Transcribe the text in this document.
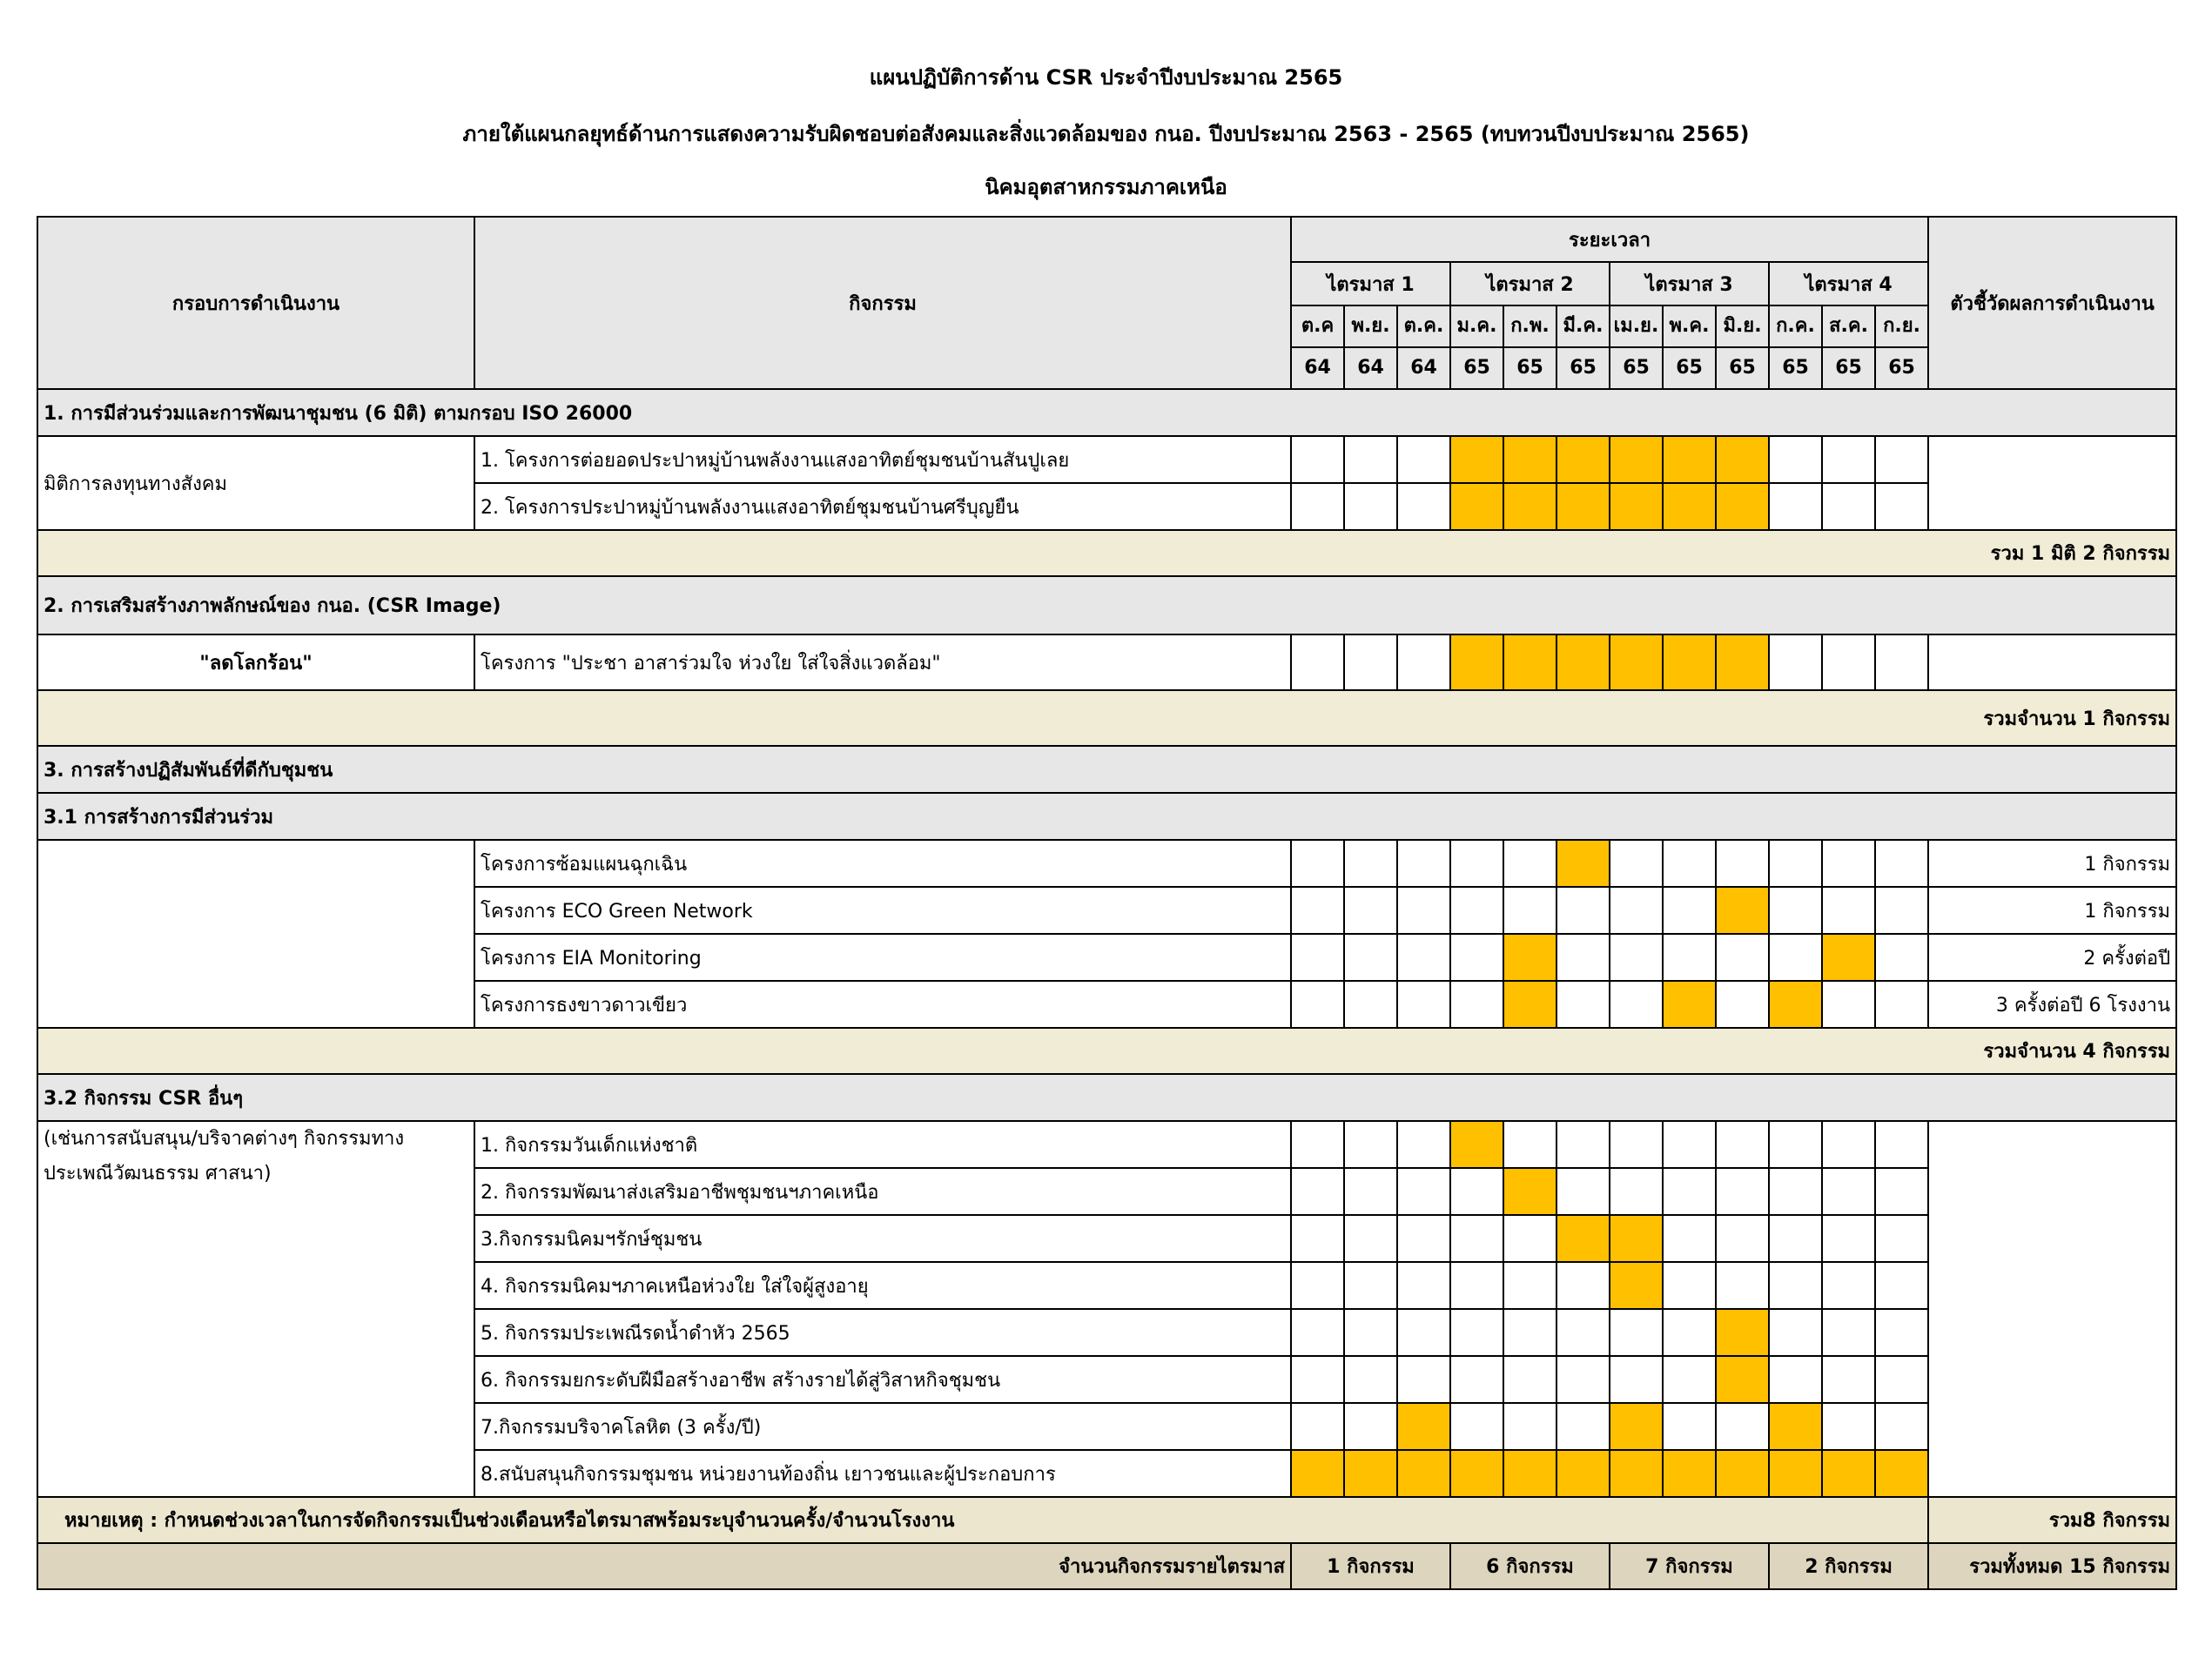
แผนปฏิบัติการด้าน CSR ประจำปีงบประมาณ 2565
ภายใต้แผนกลยุทธ์ด้านการแสดงความรับผิดชอบต่อสังคมและสิ่งแวดล้อมของ กนอ. ปีงบประมาณ 2563 - 2565 (ทบทวนปีงบประมาณ 2565)
นิคมอุตสาหกรรมภาคเหนือ
กรอบการดำเนินงาน	กิจกรรม	ระยะเวลา												ตัวชี้วัดผลการดำเนินงาน
		ไตรมาส 1			ไตรมาส 2			ไตรมาส 3			ไตรมาส 4			
		ต.ค	พ.ย.	ต.ค.	ม.ค.	ก.พ.	มี.ค.	เม.ย.	พ.ค.	มิ.ย.	ก.ค.	ส.ค.	ก.ย.	
		64	64	64	65	65	65	65	65	65	65	65	65	
1. การมีส่วนร่วมและการพัฒนาชุมชน (6 มิติ) ตามกรอบ ISO 26000														
มิติการลงทุนทางสังคม	1. โครงการต่อยอดประปาหมู่บ้านพลังงานแสงอาทิตย์ชุมชนบ้านสันปูเลย													
	2. โครงการประปาหมู่บ้านพลังงานแสงอาทิตย์ชุมชนบ้านศรีบุญยืน													
รวม 1 มิติ 2 กิจกรรม														
2. การเสริมสร้างภาพลักษณ์ของ กนอ. (CSR Image)														
"ลดโลกร้อน"	โครงการ "ประชา อาสาร่วมใจ ห่วงใย ใส่ใจสิ่งแวดล้อม"													
รวมจำนวน 1 กิจกรรม														
3. การสร้างปฏิสัมพันธ์ที่ดีกับชุมชน														
3.1 การสร้างการมีส่วนร่วม														
	โครงการซ้อมแผนฉุกเฉิน													1 กิจกรรม
	โครงการ ECO Green Network													1 กิจกรรม
	โครงการ EIA Monitoring													2 ครั้งต่อปี
	โครงการธงขาวดาวเขียว													3 ครั้งต่อปี 6 โรงงาน
รวมจำนวน 4 กิจกรรม														
3.2 กิจกรรม CSR อื่นๆ														
(เช่นการสนับสนุน/บริจาคต่างๆ กิจกรรมทาง ประเพณีวัฒนธรรม ศาสนา)	1. กิจกรรมวันเด็กแห่งชาติ													
	2. กิจกรรมพัฒนาส่งเสริมอาชีพชุมชนฯภาคเหนือ													
	3.กิจกรรมนิคมฯรักษ์ชุมชน													
	4. กิจกรรมนิคมฯภาคเหนือห่วงใย ใส่ใจผู้สูงอายุ													
	5. กิจกรรมประเพณีรดน้ำดำหัว 2565													
	6. กิจกรรมยกระดับฝีมือสร้างอาชีพ สร้างรายได้สู่วิสาหกิจชุมชน													
	7.กิจกรรมบริจาคโลหิต (3 ครั้ง/ปี)													
	8.สนับสนุนกิจกรรมชุมชน หน่วยงานท้องถิ่น เยาวชนและผู้ประกอบการ													
หมายเหตุ : กำหนดช่วงเวลาในการจัดกิจกรรมเป็นช่วงเดือนหรือไตรมาสพร้อมระบุจำนวนครั้ง/จำนวนโรงงาน														รวม8 กิจกรรม
จำนวนกิจกรรมรายไตรมาส		1 กิจกรรม			6 กิจกรรม			7 กิจกรรม			2 กิจกรรม			รวมทั้งหมด 15 กิจกรรม
